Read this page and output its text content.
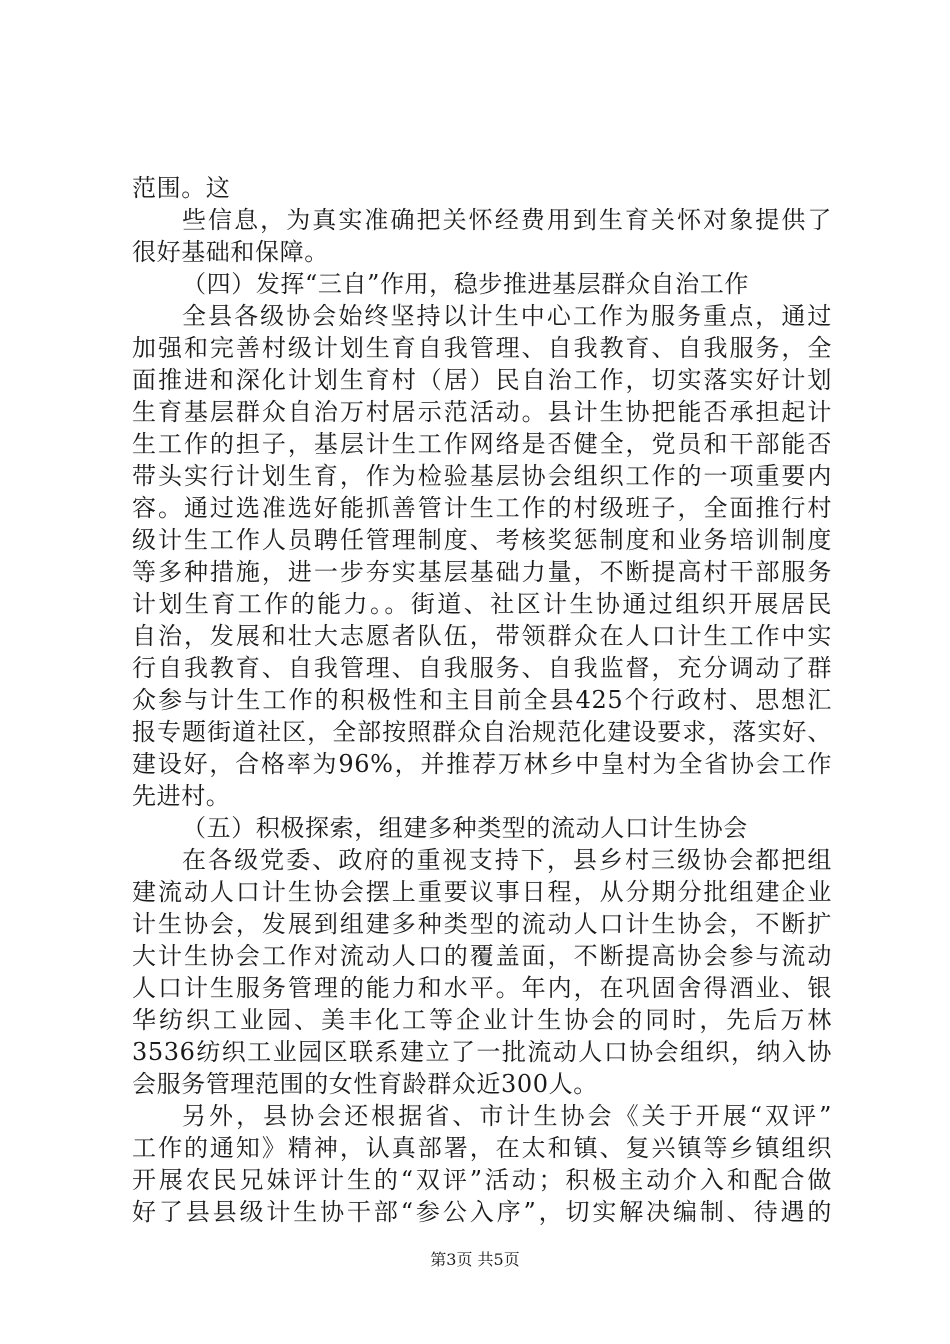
范围。这
些信息，为真实准确把关怀经费用到生育关怀对象提供了
很好基础和保障。
（四）发挥“三自”作用，稳步推进基层群众自治工作
全县各级协会始终坚持以计生中心工作为服务重点，通过
加强和完善村级计划生育自我管理、自我教育、自我服务，全
面推进和深化计划生育村（居）民自治工作，切实落实好计划
生育基层群众自治万村居示范活动。县计生协把能否承担起计
生工作的担子，基层计生工作网络是否健全，党员和干部能否
带头实行计划生育，作为检验基层协会组织工作的一项重要内
容。通过选准选好能抓善管计生工作的村级班子，全面推行村
级计生工作人员聘任管理制度、考核奖惩制度和业务培训制度
等多种措施，进一步夯实基层基础力量，不断提高村干部服务
计划生育工作的能力。。街道、社区计生协通过组织开展居民
自治，发展和壮大志愿者队伍，带领群众在人口计生工作中实
行自我教育、自我管理、自我服务、自我监督，充分调动了群
众参与计生工作的积极性和主目前全县425个行政村、思想汇
报专题街道社区，全部按照群众自治规范化建设要求，落实好、
建设好，合格率为96%，并推荐万林乡中皇村为全省协会工作
先进村。
（五）积极探索，组建多种类型的流动人口计生协会
在各级党委、政府的重视支持下，县乡村三级协会都把组
建流动人口计生协会摆上重要议事日程，从分期分批组建企业
计生协会，发展到组建多种类型的流动人口计生协会，不断扩
大计生协会工作对流动人口的覆盖面，不断提高协会参与流动
人口计生服务管理的能力和水平。年内，在巩固舍得酒业、银
华纺织工业园、美丰化工等企业计生协会的同时，先后万林
3536纺织工业园区联系建立了一批流动人口协会组织，纳入协
会服务管理范围的女性育龄群众近300人。
另外，县协会还根据省、市计生协会《关于开展“双评”
工作的通知》精神，认真部署，在太和镇、复兴镇等乡镇组织
开展农民兄妹评计生的“双评”活动；积极主动介入和配合做
好了县县级计生协干部“参公入序”，切实解决编制、待遇的
第3页 共5页
